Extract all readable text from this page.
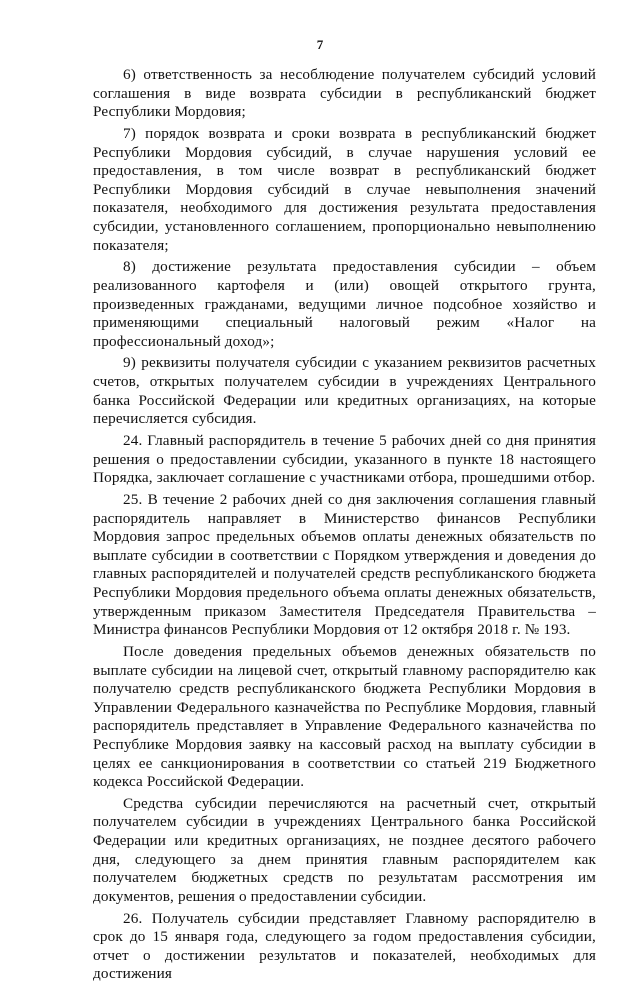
7

6) ответственность за несоблюдение получателем субсидий условий соглашения в виде возврата субсидии в республиканский бюджет Республики Мордовия;

7) порядок возврата и сроки возврата в республиканский бюджет Республики Мордовия субсидий, в случае нарушения условий ее предоставления, в том числе возврат в республиканский бюджет Республики Мордовия субсидий в случае невыполнения значений показателя, необходимого для достижения результата предоставления субсидии, установленного соглашением, пропорционально невыполнению показателя;

8) достижение результата предоставления субсидии – объем реализованного картофеля и (или) овощей открытого грунта, произведенных гражданами, ведущими личное подсобное хозяйство и применяющими специальный налоговый режим «Налог на профессиональный доход»;

9) реквизиты получателя субсидии с указанием реквизитов расчетных счетов, открытых получателем субсидии в учреждениях Центрального банка Российской Федерации или кредитных организациях, на которые перечисляется субсидия.

24. Главный распорядитель в течение 5 рабочих дней со дня принятия решения о предоставлении субсидии, указанного в пункте 18 настоящего Порядка, заключает соглашение с участниками отбора, прошедшими отбор.

25. В течение 2 рабочих дней со дня заключения соглашения главный распорядитель направляет в Министерство финансов Республики Мордовия запрос предельных объемов оплаты денежных обязательств по выплате субсидии в соответствии с Порядком утверждения и доведения до главных распорядителей и получателей средств республиканского бюджета Республики Мордовия предельного объема оплаты денежных обязательств, утвержденным приказом Заместителя Председателя Правительства – Министра финансов Республики Мордовия от 12 октября 2018 г. № 193.

После доведения предельных объемов денежных обязательств по выплате субсидии на лицевой счет, открытый главному распорядителю как получателю средств республиканского бюджета Республики Мордовия в Управлении Федерального казначейства по Республике Мордовия, главный распорядитель представляет в Управление Федерального казначейства по Республике Мордовия заявку на кассовый расход на выплату субсидии в целях ее санкционирования в соответствии со статьей 219 Бюджетного кодекса Российской Федерации.

Средства субсидии перечисляются на расчетный счет, открытый получателем субсидии в учреждениях Центрального банка Российской Федерации или кредитных организациях, не позднее десятого рабочего дня, следующего за днем принятия главным распорядителем как получателем бюджетных средств по результатам рассмотрения им документов, решения о предоставлении субсидии.

26. Получатель субсидии представляет Главному распорядителю в срок до 15 января года, следующего за годом предоставления субсидии, отчет о достижении результатов и показателей, необходимых для достижения
